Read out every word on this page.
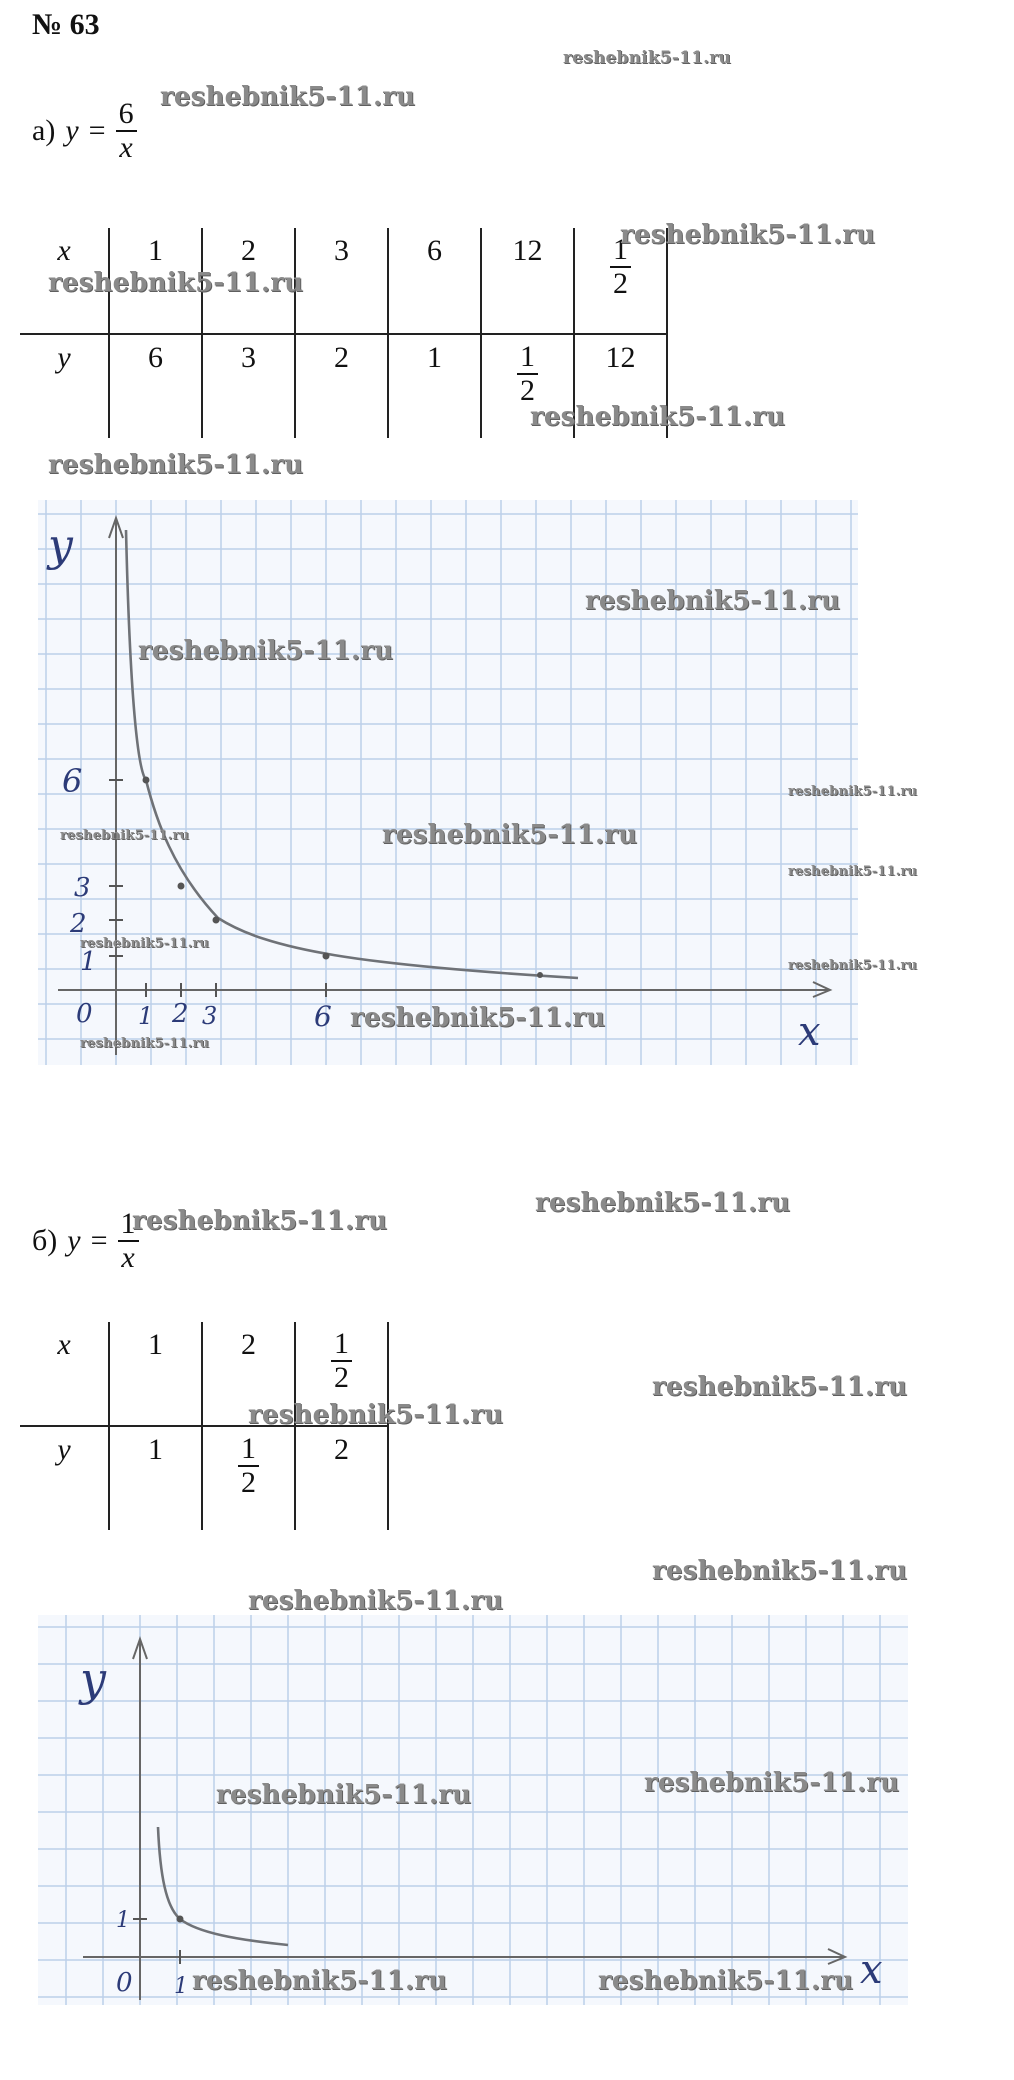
№ 63
а) $y = \frac{6}{x}$
x	1	2	3	6	12	$\frac{1}{2}$

y	6	3	2	1	$\frac{1}{2}$	12
y
x
0 1 2 3	6
6
3
2
1
б) $y = \frac{1}{x}$
x	1	2	$\frac{1}{2}$

y	1	$\frac{1}{2}$	2
y
x
0 1
1
reshebnik5-11.ru
reshebnik5-11.ru
reshebnik5-11.ru
reshebnik5-11.ru
reshebnik5-11.ru
reshebnik5-11.ru
reshebnik5-11.ru
reshebnik5-11.ru
reshebnik5-11.ru
reshebnik5-11.ru
reshebnik5-11.ru
reshebnik5-11.ru
reshebnik5-11.ru
reshebnik5-11.ru
reshebnik5-11.ru
reshebnik5-11.ru
reshebnik5-11.ru
reshebnik5-11.ru
reshebnik5-11.ru
reshebnik5-11.ru
reshebnik5-11.ru
reshebnik5-11.ru
reshebnik5-11.ru
reshebnik5-11.ru
reshebnik5-11.ru	reshebnik5-11.ru
